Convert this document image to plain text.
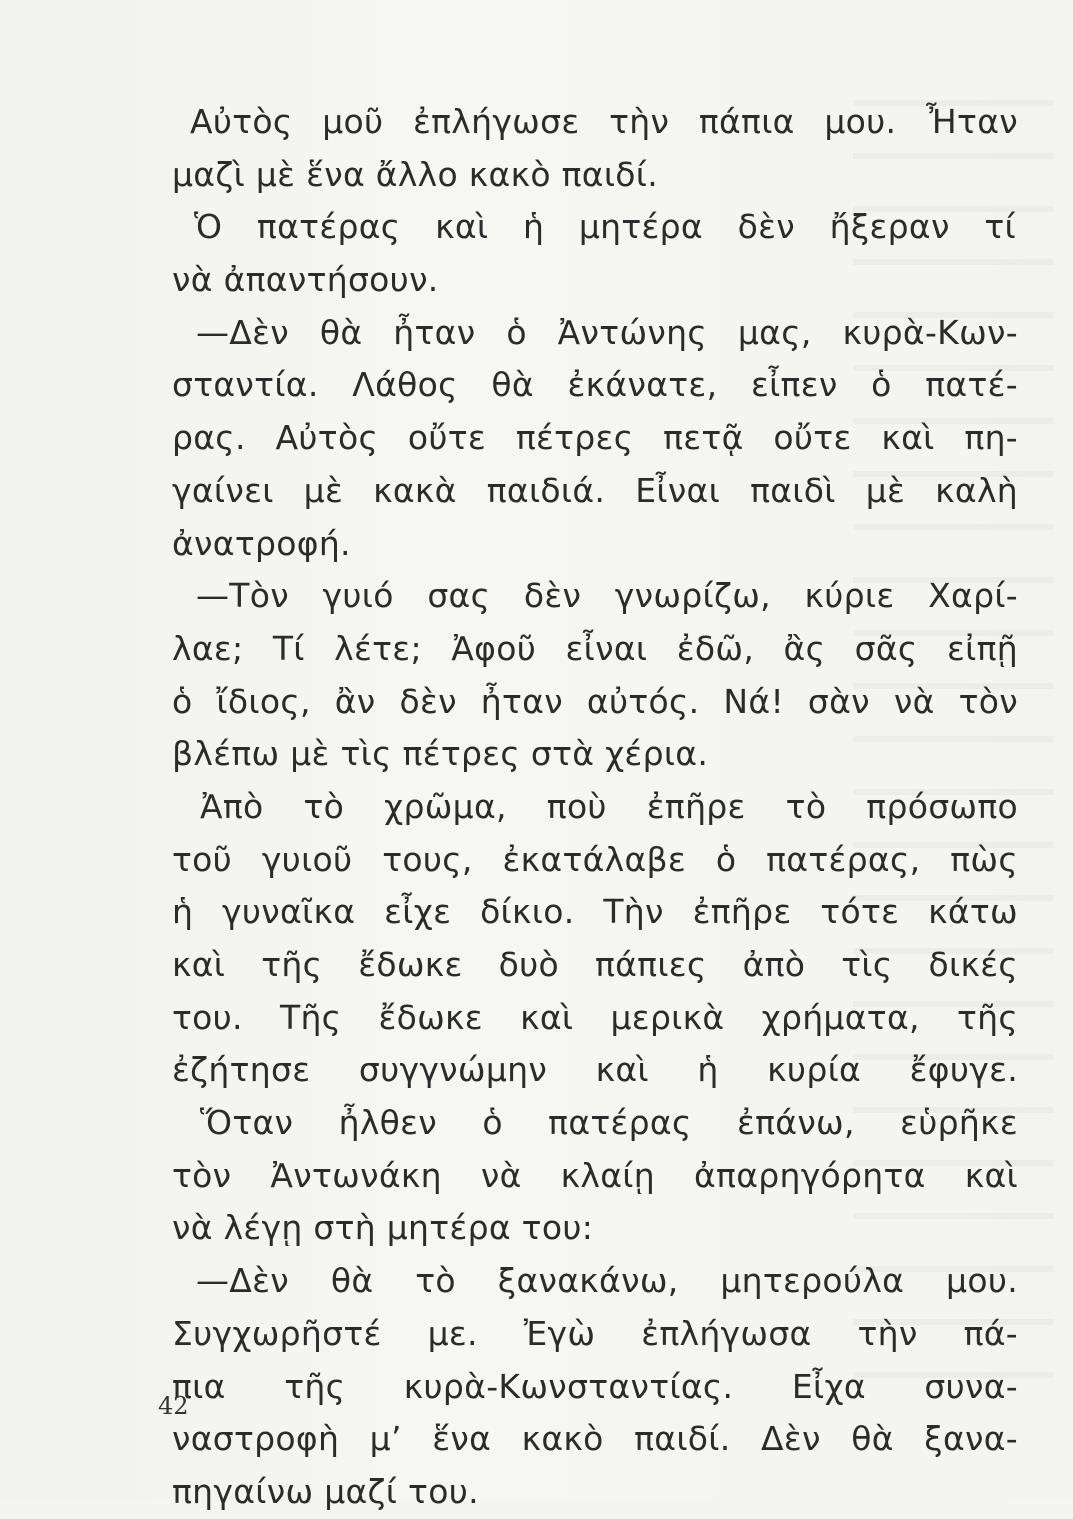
Αὐτὸς μοῦ ἐπλήγωσε τὴν πάπια μου. Ἦταν
μαζὶ μὲ ἕνα ἄλλο κακὸ παιδί.
Ὁ πατέρας καὶ ἡ μητέρα δὲν ἤξεραν τί
νὰ ἀπαντήσουν.
—Δὲν θὰ ἦταν ὁ Ἀντώνης μας, κυρὰ-Κων-
σταντία. Λάθος θὰ ἐκάνατε, εἶπεν ὁ πατέ-
ρας. Αὐτὸς οὔτε πέτρες πετᾷ οὔτε καὶ πη-
γαίνει μὲ κακὰ παιδιά. Εἶναι παιδὶ μὲ καλὴ
ἀνατροφή.
—Τὸν γυιό σας δὲν γνωρίζω, κύριε Χαρί-
λαε; Τί λέτε; Ἀφοῦ εἶναι ἐδῶ, ἂς σᾶς εἰπῇ
ὁ ἴδιος, ἂν δὲν ἦταν αὐτός. Νά! σὰν νὰ τὸν
βλέπω μὲ τὶς πέτρες στὰ χέρια.
Ἀπὸ τὸ χρῶμα, ποὺ ἐπῆρε τὸ πρόσωπο
τοῦ γυιοῦ τους, ἐκατάλαβε ὁ πατέρας, πὼς
ἡ γυναῖκα εἶχε δίκιο. Τὴν ἐπῆρε τότε κάτω
καὶ τῆς ἔδωκε δυὸ πάπιες ἀπὸ τὶς δικές
του. Τῆς ἔδωκε καὶ μερικὰ χρήματα, τῆς
ἐζήτησε συγγνώμην καὶ ἡ κυρία ἔφυγε.
Ὅταν ἦλθεν ὁ πατέρας ἐπάνω, εὑρῆκε
τὸν Ἀντωνάκη νὰ κλαίῃ ἀπαρηγόρητα καὶ
νὰ λέγῃ στὴ μητέρα του:
—Δὲν θὰ τὸ ξανακάνω, μητερούλα μου.
Συγχωρῆστέ με. Ἐγὼ ἐπλήγωσα τὴν πά-
πια τῆς κυρὰ-Κωνσταντίας. Εἶχα συνα-
ναστροφὴ μ’ ἕνα κακὸ παιδί. Δὲν θὰ ξανα-
πηγαίνω μαζί του.
42
